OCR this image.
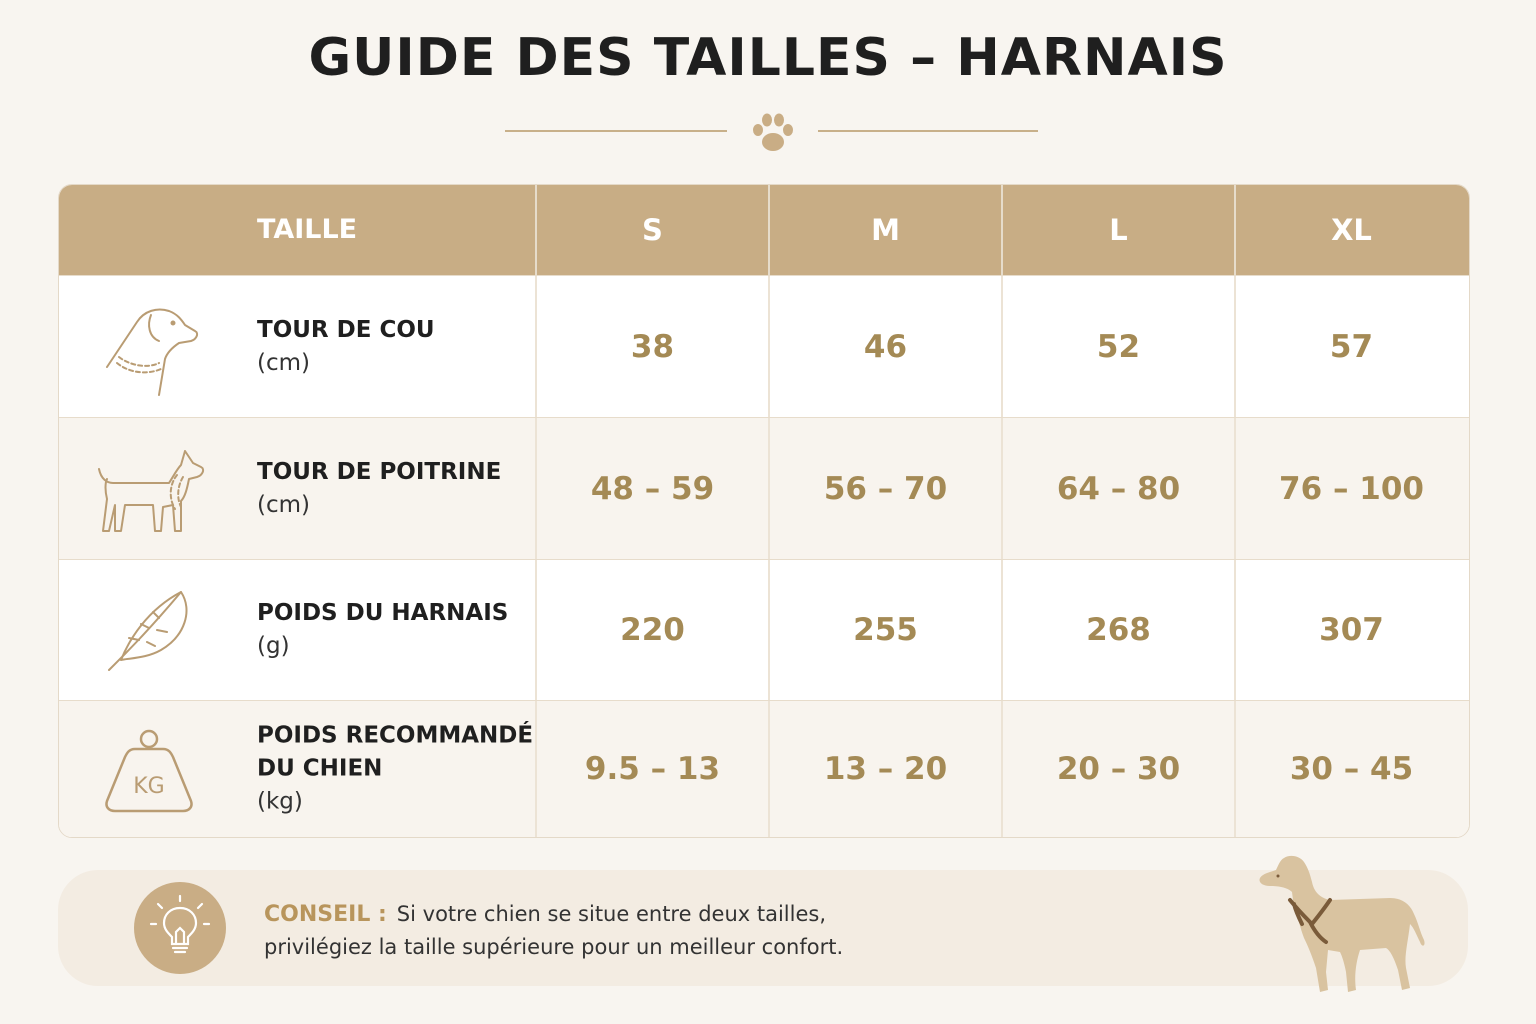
GUIDE DES TAILLES – HARNAIS
TAILLE	S	M	L	XL
TOUR DE COU
(cm)	38	46	52	57
TOUR DE POITRINE
(cm)	48 – 59	56 – 70	64 – 80	76 – 100
POIDS DU HARNAIS
(g)	220	255	268	307
KG
POIDS RECOMMANDÉ
DU CHIEN
(kg)
9.5 – 13	13 – 20	20 – 30	30 – 45
CONSEIL : Si votre chien se situe entre deux tailles,
privilégiez la taille supérieure pour un meilleur confort.
